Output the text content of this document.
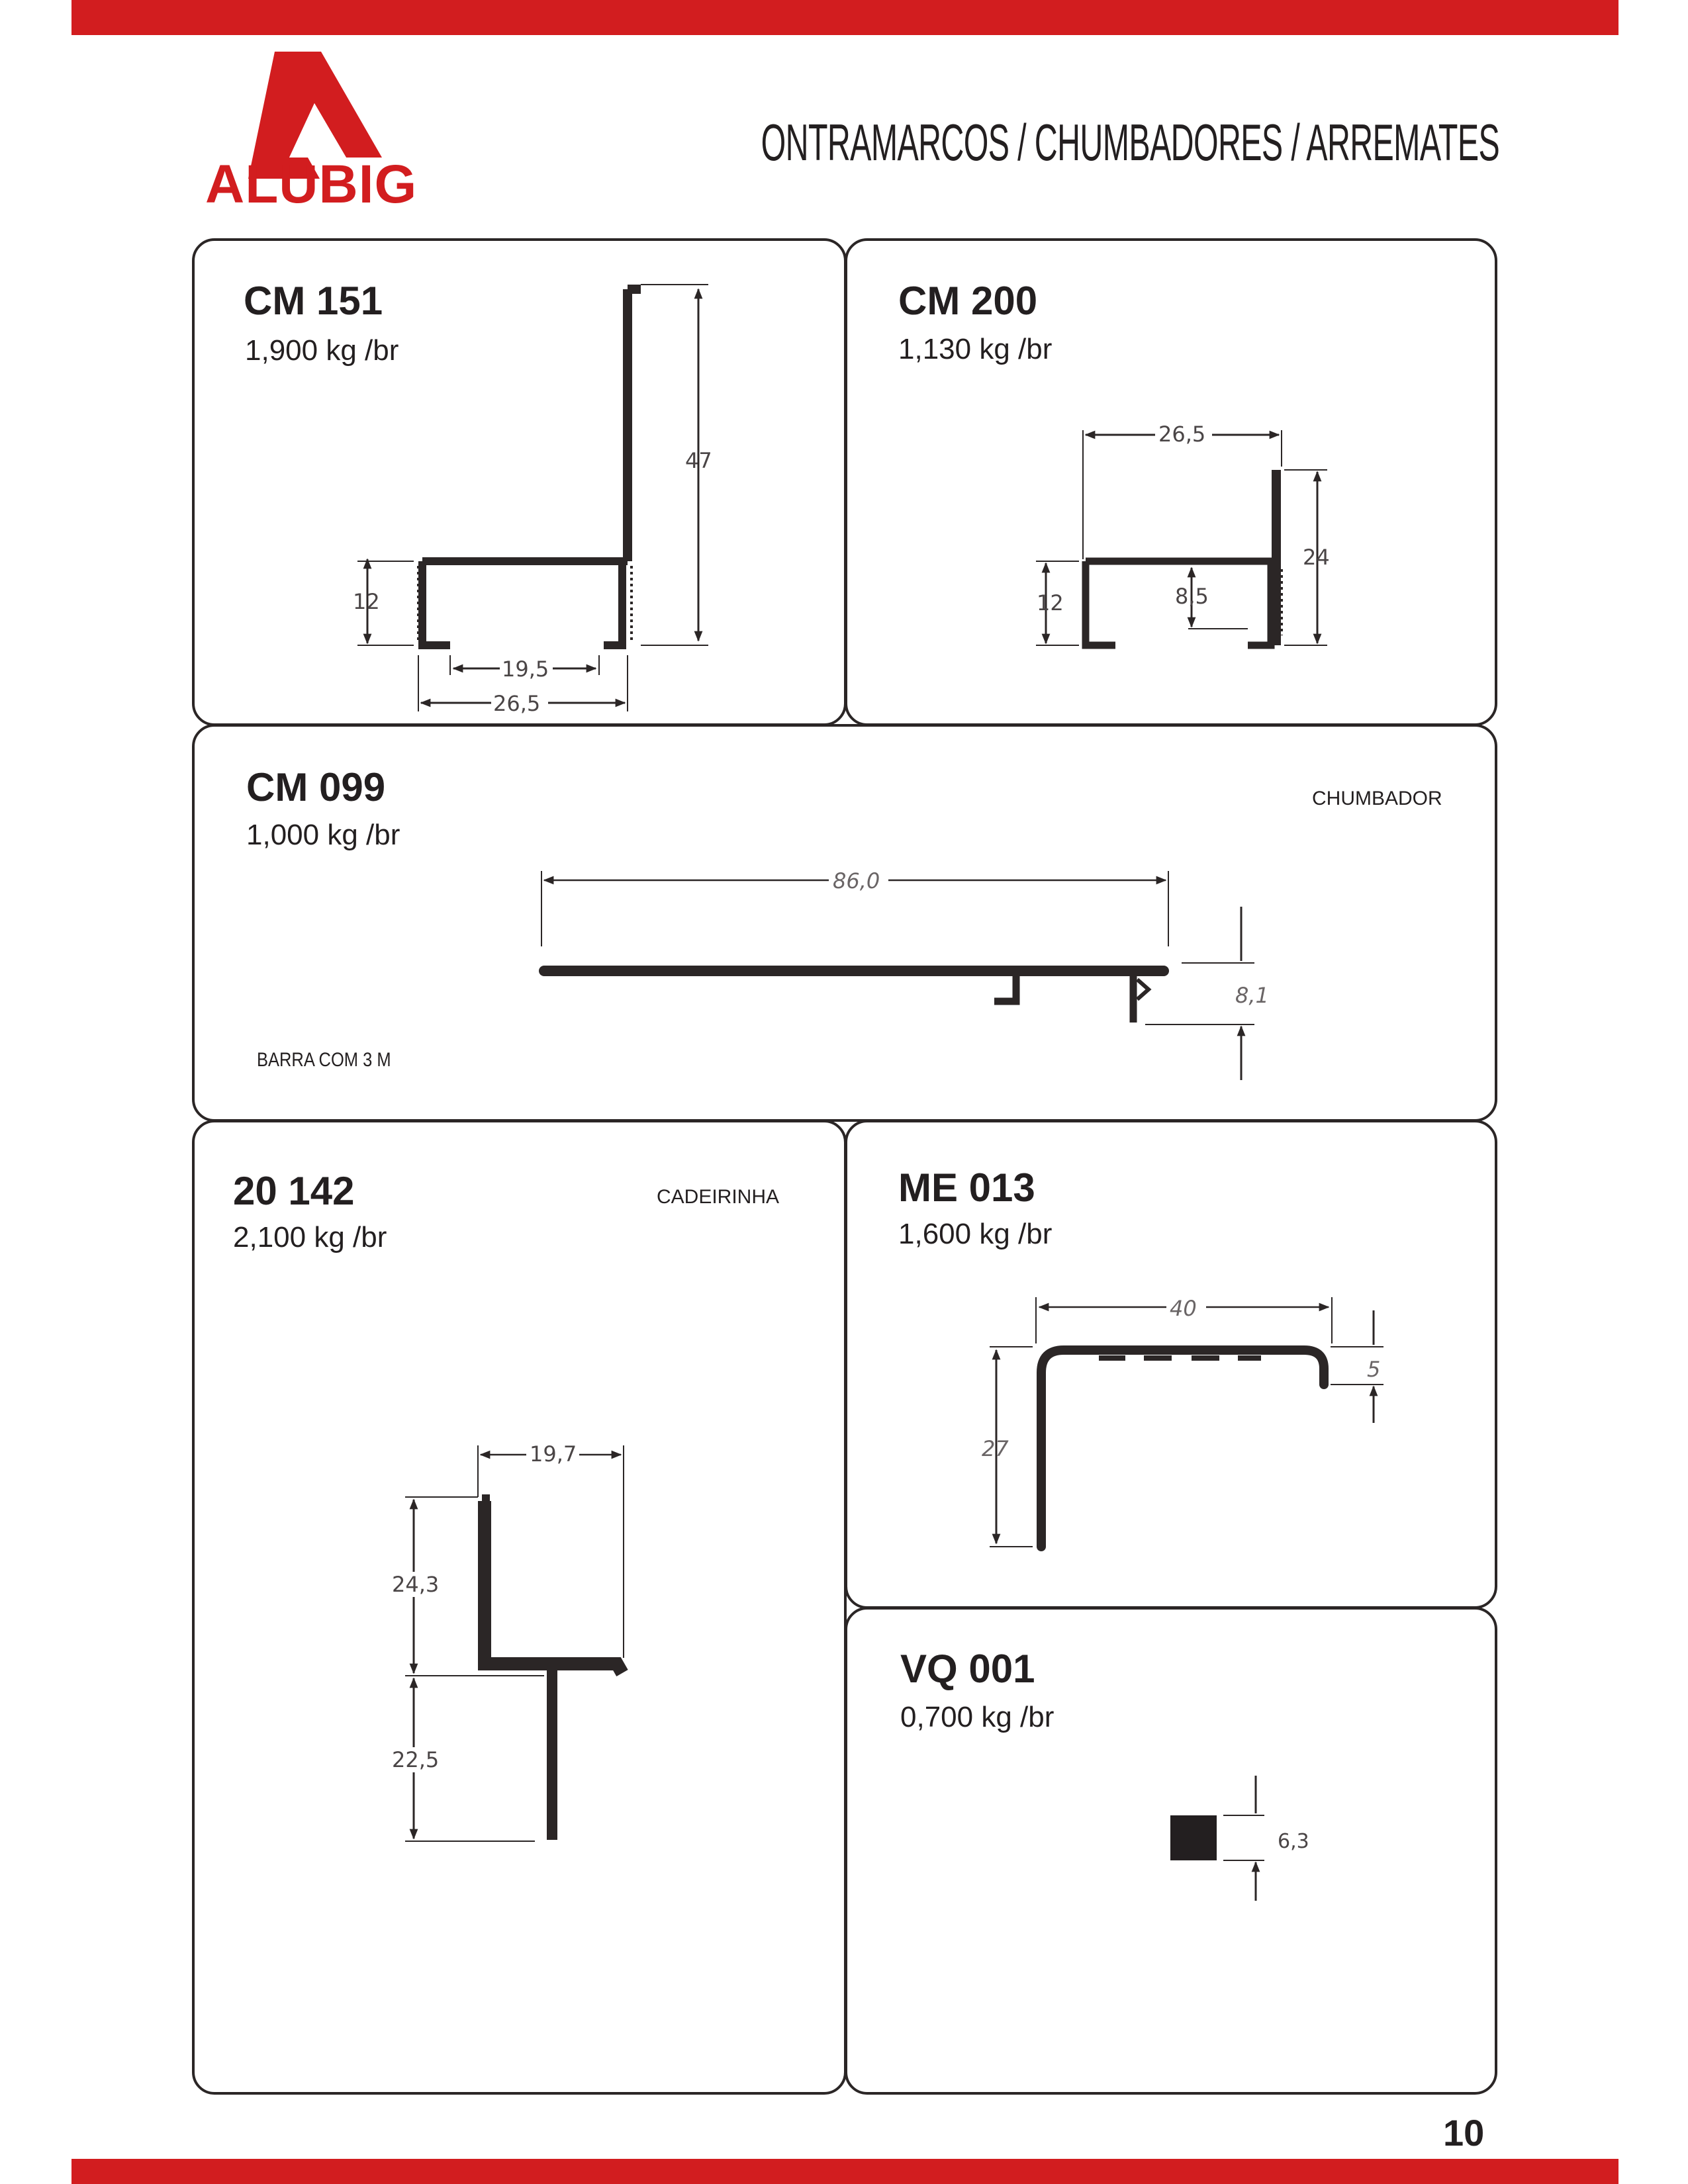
ALUBIG
ONTRAMARCOS / CHUMBADORES / ARREMATES
CM 151
1,900 kg /br
CM 200
1,130 kg /br
CM 099
1,000 kg /br
CHUMBADOR
BARRA COM 3 M
20 142
2,100 kg /br
CADEIRINHA	ME 013
1,600 kg /br
VQ 001
0,700 kg /br
47
12
19,5
26,5
26,5
24
12	8,5
86,0
8,1
19,7
24,3
22,5
40
27
5
6,3
10
